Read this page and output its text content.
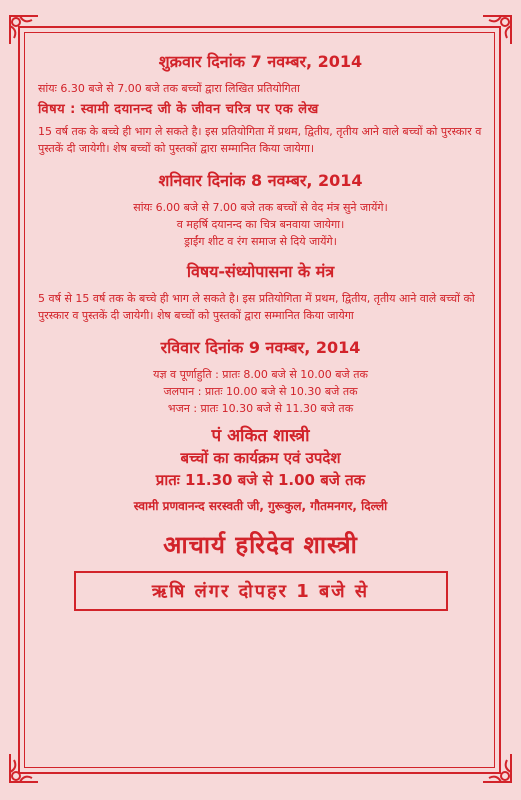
शुक्रवार दिनांक 7 नवम्बर, 2014
सांयः 6.30 बजे से 7.00 बजे तक बच्चों द्वारा लिखित प्रतियोगिता
विषय : स्वामी दयानन्द जी के जीवन चरित्र पर एक लेख
15 वर्ष तक के बच्चे ही भाग ले सकते है। इस प्रतियोगिता में प्रथम, द्वितीय, तृतीय आने वाले बच्चों को पुरस्कार व पुस्तकें दी जायेगी। शेष बच्चों को पुस्तकों द्वारा सम्मानित किया जायेगा।
शनिवार दिनांक 8 नवम्बर, 2014
सांयः 6.00 बजे से 7.00 बजे तक बच्चों से वेद मंत्र सुने जायेंगे।
व महर्षि दयानन्द का चित्र बनवाया जायेगा।
ड्राईंग शीट व रंग समाज से दिये जायेंगे।
विषय-संध्योपासना के मंत्र
5 वर्ष से 15 वर्ष तक के बच्चे ही भाग ले सकते है। इस प्रतियोगिता में प्रथम, द्वितीय, तृतीय आने वाले बच्चों को पुरस्कार व पुस्तकें दी जायेगी। शेष बच्चों को पुस्तकों द्वारा सम्मानित किया जायेगा
रविवार दिनांक 9 नवम्बर, 2014
यज्ञ व पूर्णाहुति : प्रातः 8.00 बजे से 10.00 बजे तक
जलपान : प्रातः 10.00 बजे से 10.30 बजे तक
भजन : प्रातः 10.30 बजे से 11.30 बजे तक
पं अकित शास्त्री
बच्चों का कार्यक्रम एवं उपदेश
प्रातः 11.30 बजे से 1.00 बजे तक
स्वामी प्रणवानन्द सरस्वती जी, गुरूकुल, गौतमनगर, दिल्ली
आचार्य हरिदेव शास्त्री
ऋषि लंगर दोपहर 1 बजे से
